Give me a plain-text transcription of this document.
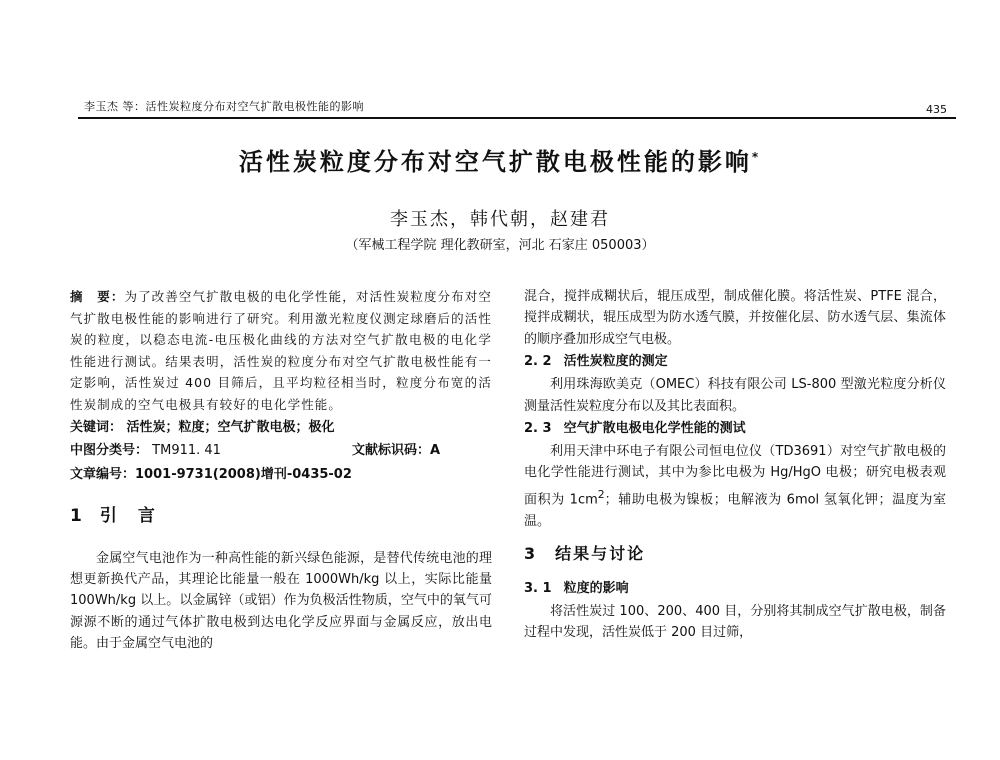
李玉杰 等：活性炭粒度分布对空气扩散电极性能的影响	435
活性炭粒度分布对空气扩散电极性能的影响*
李玉杰，韩代朝，赵建君
（军械工程学院 理化教研室，河北 石家庄 050003）

摘　要：为了改善空气扩散电极的电化学性能，对活性炭粒度分布对空气扩散电极性能的影响进行了研究。利用激光粒度仪测定球磨后的活性炭的粒度，以稳态电流-电压极化曲线的方法对空气扩散电极的电化学性能进行测试。结果表明，活性炭的粒度分布对空气扩散电极性能有一定影响，活性炭过 400 目筛后，且平均粒径相当时，粒度分布宽的活性炭制成的空气电极具有较好的电化学性能。

关键词： 活性炭；粒度；空气扩散电极；极化

中图分类号： TM911. 41	文献标识码：A

文章编号：1001-9731(2008)增刊-0435-02

1 引　言

金属空气电池作为一种高性能的新兴绿色能源，是替代传统电池的理想更新换代产品，其理论比能量一般在 1000Wh/kg 以上，实际比能量 100Wh/kg 以上。以金属锌（或铝）作为负极活性物质，空气中的氧气可源源不断的通过气体扩散电极到达电化学反应界面与金属反应，放出电能。由于金属空气电池的

混合，搅拌成糊状后，辊压成型，制成催化膜。将活性炭、PTFE 混合，搅拌成糊状，辊压成型为防水透气膜，并按催化层、防水透气层、集流体的顺序叠加形成空气电极。

2. 2 活性炭粒度的测定

利用珠海欧美克（OMEC）科技有限公司 LS-800 型激光粒度分析仪测量活性炭粒度分布以及其比表面积。

2. 3 空气扩散电极电化学性能的测试

利用天津中环电子有限公司恒电位仪（TD3691）对空气扩散电极的电化学性能进行测试，其中为参比电极为 Hg/HgO 电极；研究电极表观面积为 $1cm^2$；辅助电极为镍板；电解液为 6mol 氢氧化钾；温度为室温。

3 结果与讨论

3. 1 粒度的影响

将活性炭过 100、200、400 目，分别将其制成空气扩散电极，制备过程中发现，活性炭低于 200 目过筛，
